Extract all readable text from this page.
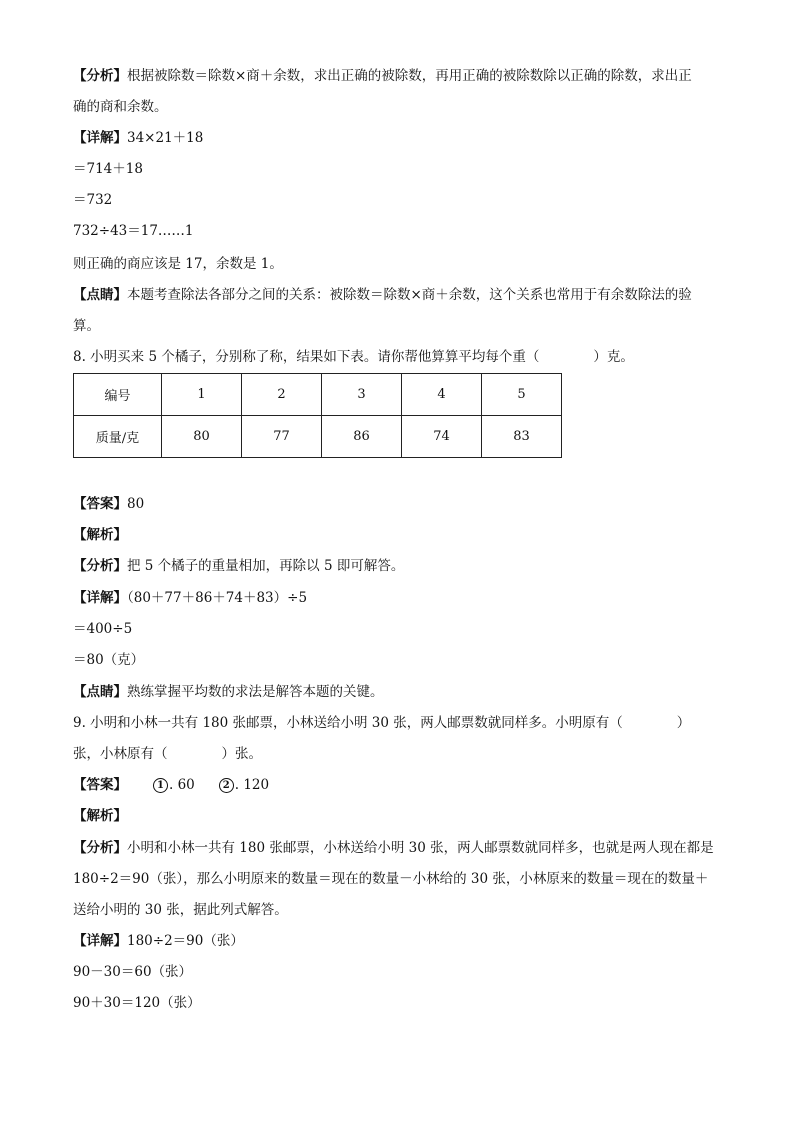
【分析】根据被除数＝除数×商＋余数，求出正确的被除数，再用正确的被除数除以正确的除数，求出正
确的商和余数。
【详解】34×21＋18
＝714＋18
＝732
732÷43＝17……1
则正确的商应该是 17，余数是 1。
【点睛】本题考查除法各部分之间的关系：被除数＝除数×商＋余数，这个关系也常用于有余数除法的验
算。
8. 小明买来 5 个橘子，分别称了称，结果如下表。请你帮他算算平均每个重（　　　　）克。
编号	1	2	3	4	5
质量/克	80	77	86	74	83
【答案】80
【解析】
【分析】把 5 个橘子的重量相加，再除以 5 即可解答。
【详解】（80＋77＋86＋74＋83）÷5
＝400÷5
＝80（克）
【点睛】熟练掌握平均数的求法是解答本题的关键。
9. 小明和小林一共有 180 张邮票，小林送给小明 30 张，两人邮票数就同样多。小明原有（　　　　）
张，小林原有（　　　　）张。
【答案】	1 . 60	2 . 120
【解析】
【分析】小明和小林一共有 180 张邮票，小林送给小明 30 张，两人邮票数就同样多，也就是两人现在都是
180÷2＝90（张），那么小明原来的数量＝现在的数量－小林给的 30 张，小林原来的数量＝现在的数量＋
送给小明的 30 张，据此列式解答。
【详解】180÷2＝90（张）
90－30＝60（张）
90＋30＝120（张）
